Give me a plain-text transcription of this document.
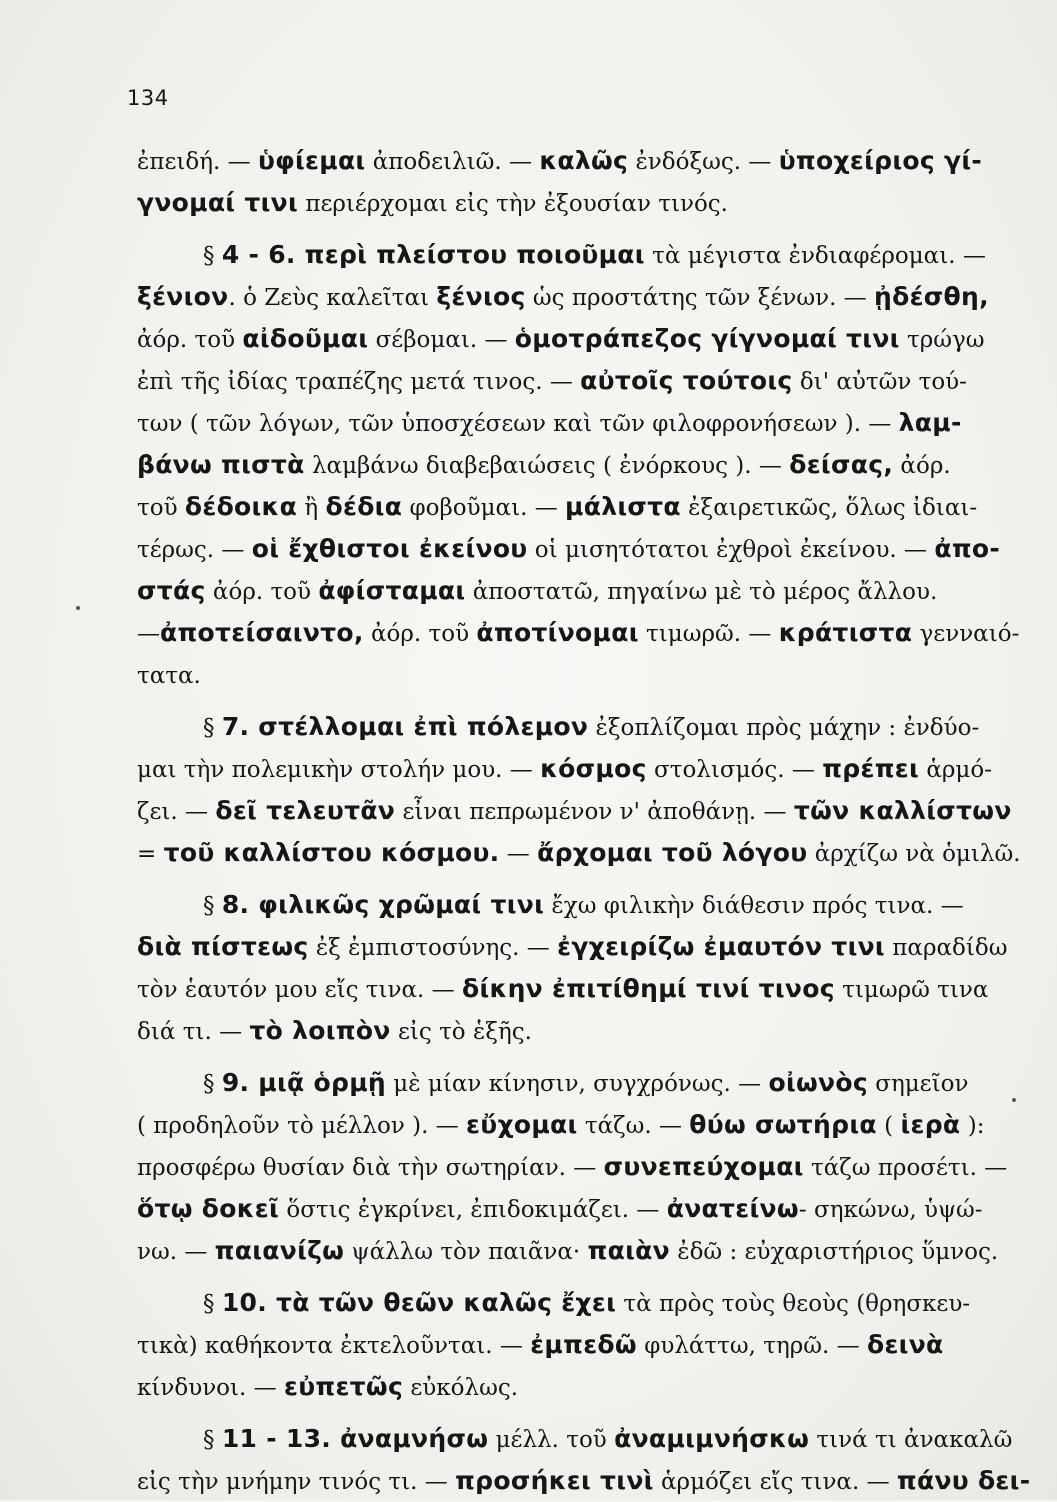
134
ἐπειδή. — ὑφίεμαι ἀποδειλιῶ. — καλῶς ἐνδόξως. — ὑποχείριος γί-
γνομαί τινι περιέρχομαι εἰς τὴν ἐξουσίαν τινός.
§ 4 - 6. περὶ πλείστου ποιοῦμαι τὰ μέγιστα ἐνδιαφέρομαι. —
ξένιον. ὁ Ζεὺς καλεῖται ξένιος ὡς προστάτης τῶν ξένων. — ᾐδέσθη,
ἀόρ. τοῦ αἰδοῦμαι σέβομαι. — ὁμοτράπεζος γίγνομαί τινι τρώγω
ἐπὶ τῆς ἰδίας τραπέζης μετά τινος. — αὐτοῖς τούτοις δι' αὐτῶν τού-
των ( τῶν λόγων, τῶν ὑποσχέσεων καὶ τῶν φιλοφρονήσεων ). — λαμ-
βάνω πιστὰ λαμβάνω διαβεβαιώσεις ( ἐνόρκους ). — δείσας, ἀόρ.
τοῦ δέδοικα ἢ δέδια φοβοῦμαι. — μάλιστα ἐξαιρετικῶς, ὅλως ἰδιαι-
τέρως. — οἱ ἔχθιστοι ἐκείνου οἱ μισητότατοι ἐχθροὶ ἐκείνου. — ἀπο-
στάς ἀόρ. τοῦ ἀφίσταμαι ἀποστατῶ, πηγαίνω μὲ τὸ μέρος ἄλλου.
—ἀποτείσαιντο, ἀόρ. τοῦ ἀποτίνομαι τιμωρῶ. — κράτιστα γενναιό-
τατα.
§ 7. στέλλομαι ἐπὶ πόλεμον ἐξοπλίζομαι πρὸς μάχην : ἐνδύο-
μαι τὴν πολεμικὴν στολήν μου. — κόσμος στολισμός. — πρέπει ἁρμό-
ζει. — δεῖ τελευτᾶν εἶναι πεπρωμένον ν' ἀποθάνῃ. — τῶν καλλίστων
= τοῦ καλλίστου κόσμου. — ἄρχομαι τοῦ λόγου ἀρχίζω νὰ ὁμιλῶ.
§ 8. φιλικῶς χρῶμαί τινι ἔχω φιλικὴν διάθεσιν πρός τινα. —
διὰ πίστεως ἐξ ἐμπιστοσύνης. — ἐγχειρίζω ἐμαυτόν τινι παραδίδω
τὸν ἑαυτόν μου εἴς τινα. — δίκην ἐπιτίθημί τινί τινος τιμωρῶ τινα
διά τι. — τὸ λοιπὸν εἰς τὸ ἑξῆς.
§ 9. μιᾷ ὁρμῇ μὲ μίαν κίνησιν, συγχρόνως. — οἰωνὸς σημεῖον
( προδηλοῦν τὸ μέλλον ). — εὔχομαι τάζω. — θύω σωτήρια ( ἱερὰ ):
προσφέρω θυσίαν διὰ τὴν σωτηρίαν. — συνεπεύχομαι τάζω προσέτι. —
ὅτῳ δοκεῖ ὅστις ἐγκρίνει, ἐπιδοκιμάζει. — ἀνατείνω- σηκώνω, ὑψώ-
νω. — παιανίζω ψάλλω τὸν παιᾶνα· παιὰν ἐδῶ : εὐχαριστήριος ὕμνος.
§ 10. τὰ τῶν θεῶν καλῶς ἔχει τὰ πρὸς τοὺς θεοὺς (θρησκευ-
τικὰ) καθήκοντα ἐκτελοῦνται. — ἐμπεδῶ φυλάττω, τηρῶ. — δεινὰ
κίνδυνοι. — εὐπετῶς εὐκόλως.
§ 11 - 13. ἀναμνήσω μέλλ. τοῦ ἀναμιμνήσκω τινά τι ἀνακαλῶ
εἰς τὴν μνήμην τινός τι. — προσήκει τινὶ ἁρμόζει εἴς τινα. — πάνυ δει-
